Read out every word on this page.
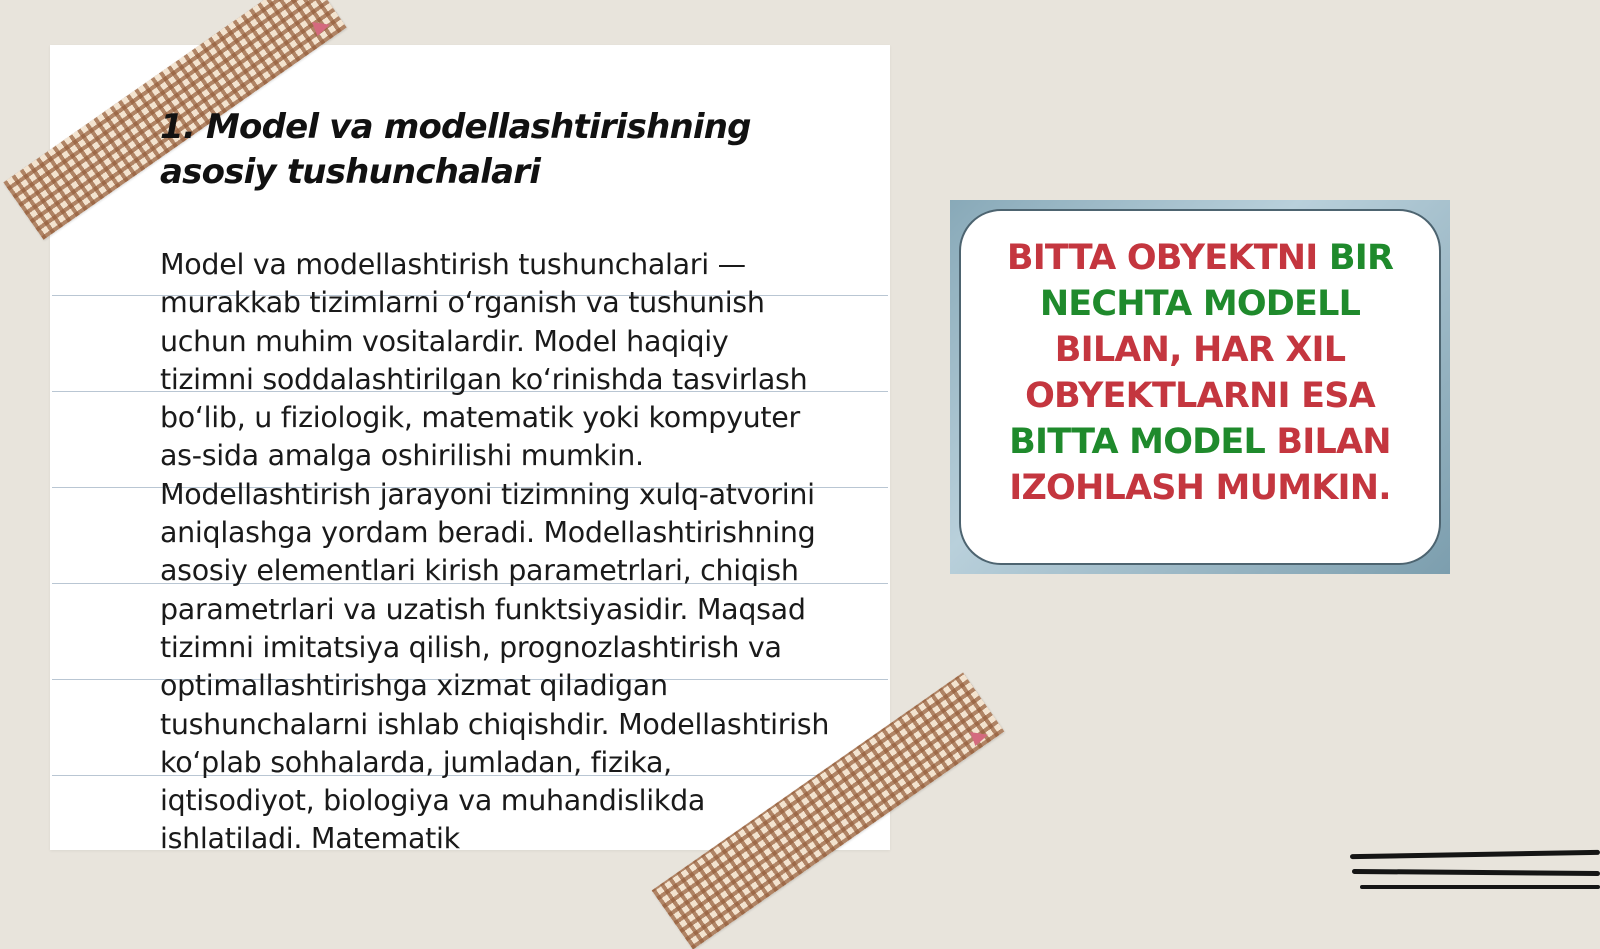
1. Model va modellashtirishning
asosiy tushunchalari

Model va modellashtirish tushunchalari — murakkab tizimlarni o‘rganish va tushunish uchun muhim vositalardir. Model haqiqiy tizimni soddalashtirilgan ko‘rinishda tasvirlash bo‘lib, u fiziologik, matematik yoki kompyuter as-sida amalga oshirilishi mumkin. Modellashtirish jarayoni tizimning xulq-atvorini aniqlashga yordam beradi. Modellashtirishning asosiy elementlari kirish parametrlari, chiqish parametrlari va uzatish funktsiyasidir. Maqsad tizimni imitatsiya qilish, prognozlashtirish va optimallashtirishga xizmat qiladigan tushunchalarni ishlab chiqishdir. Modellashtirish ko‘plab sohhalarda, jumladan, fizika, iqtisodiyot, biologiya va muhandislikda ishlatiladi. Matematik

BITTA OBYEKTNI BIR
NECHTA MODELL
BILAN, HAR XIL
OBYEKTLARNI ESA
BITTA MODEL BILAN
IZOHLASH MUMKIN.
